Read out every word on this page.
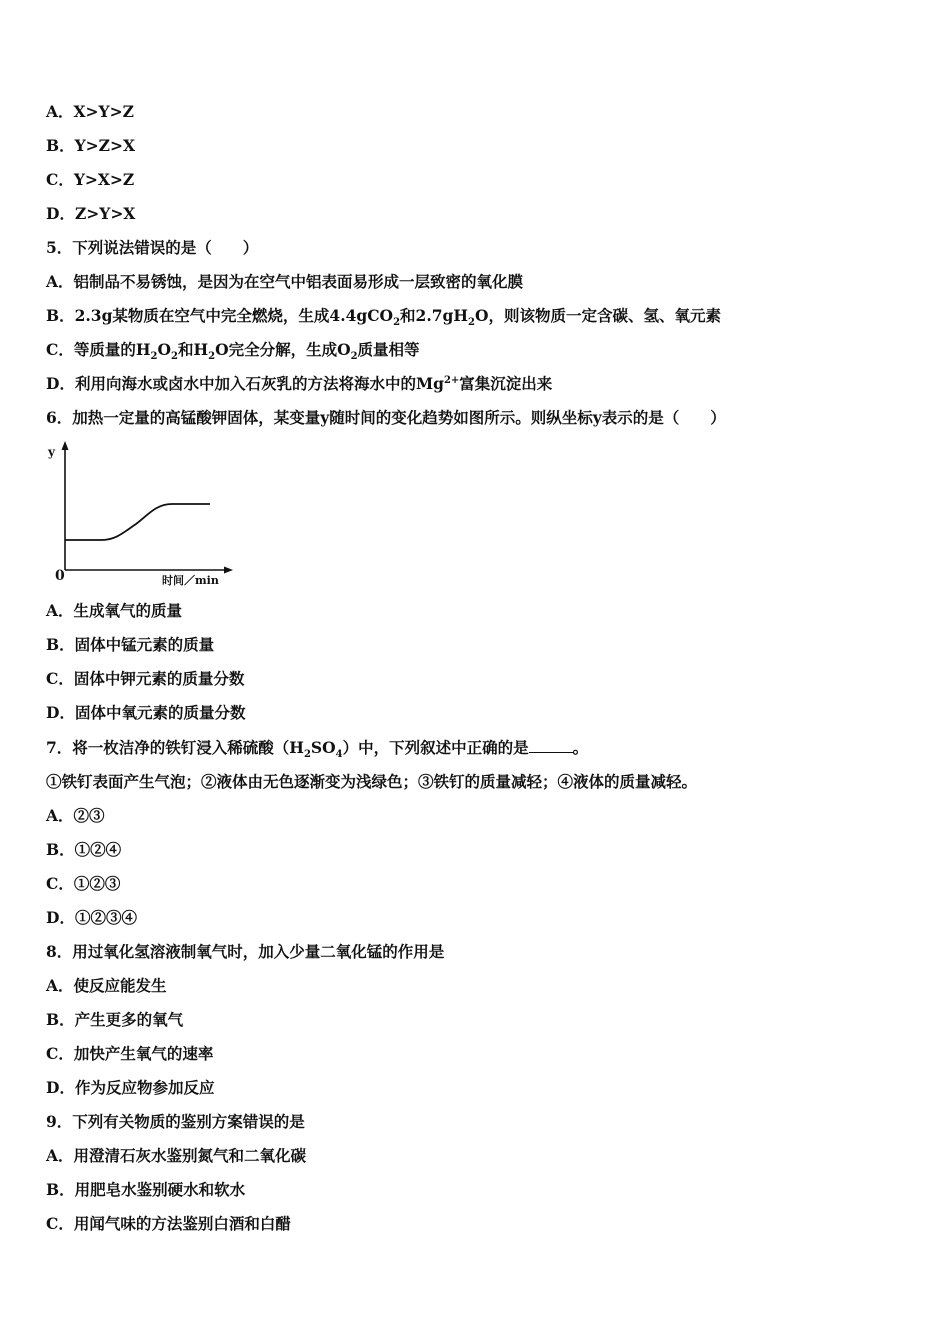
A．X>Y>Z
B．Y>Z>X
C．Y>X>Z
D．Z>Y>X
5．下列说法错误的是（　　）
A．铝制品不易锈蚀，是因为在空气中铝表面易形成一层致密的氧化膜
B．2.3g某物质在空气中完全燃烧，生成4.4gCO$_2$和$2.7gH_2O$，则该物质一定含碳、氢、氧元素
C．等质量的$H_2O_2$和$H_2O$完全分解，生成$O_2$质量相等
D．利用向海水或卤水中加入石灰乳的方法将海水中的$Mg^{2+}$富集沉淀出来
6．加热一定量的高锰酸钾固体，某变量y随时间的变化趋势如图所示。则纵坐标y表示的是（　　）
y
0	时间／min
A．生成氧气的质量
B．固体中锰元素的质量
C．固体中钾元素的质量分数
D．固体中氧元素的质量分数
7．将一枚洁净的铁钉浸入稀硫酸$(H_2SO_4)$中，下列叙述中正确的是	。
①铁钉表面产生气泡；②液体由无色逐渐变为浅绿色；③铁钉的质量减轻；④液体的质量减轻。
A．②③
B．①②④
C．①②③
D．①②③④
8．用过氧化氢溶液制氧气时，加入少量二氧化锰的作用是
A．使反应能发生
B．产生更多的氧气
C．加快产生氧气的速率
D．作为反应物参加反应
9．下列有关物质的鉴别方案错误的是
A．用澄清石灰水鉴别氮气和二氧化碳
B．用肥皂水鉴别硬水和软水
C．用闻气味的方法鉴别白酒和白醋
